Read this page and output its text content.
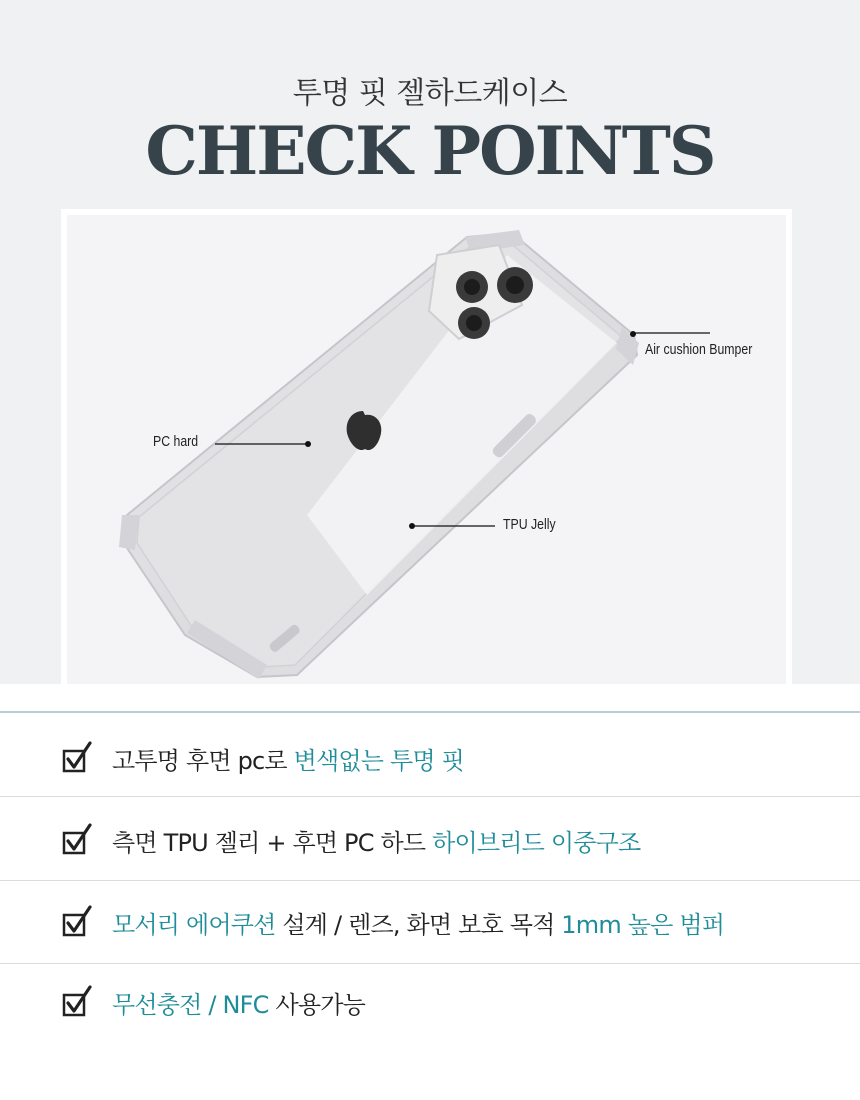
투명 핏 젤하드케이스
CHECK POINTS
Air cushion Bumper
PC hard
TPU Jelly
고투명 후면 pc로 변색없는 투명 핏
측면 TPU 젤리 + 후면 PC 하드 하이브리드 이중구조
모서리 에어쿠션 설계 / 렌즈, 화면 보호 목적 1mm 높은 범퍼
무선충전 / NFC 사용가능
